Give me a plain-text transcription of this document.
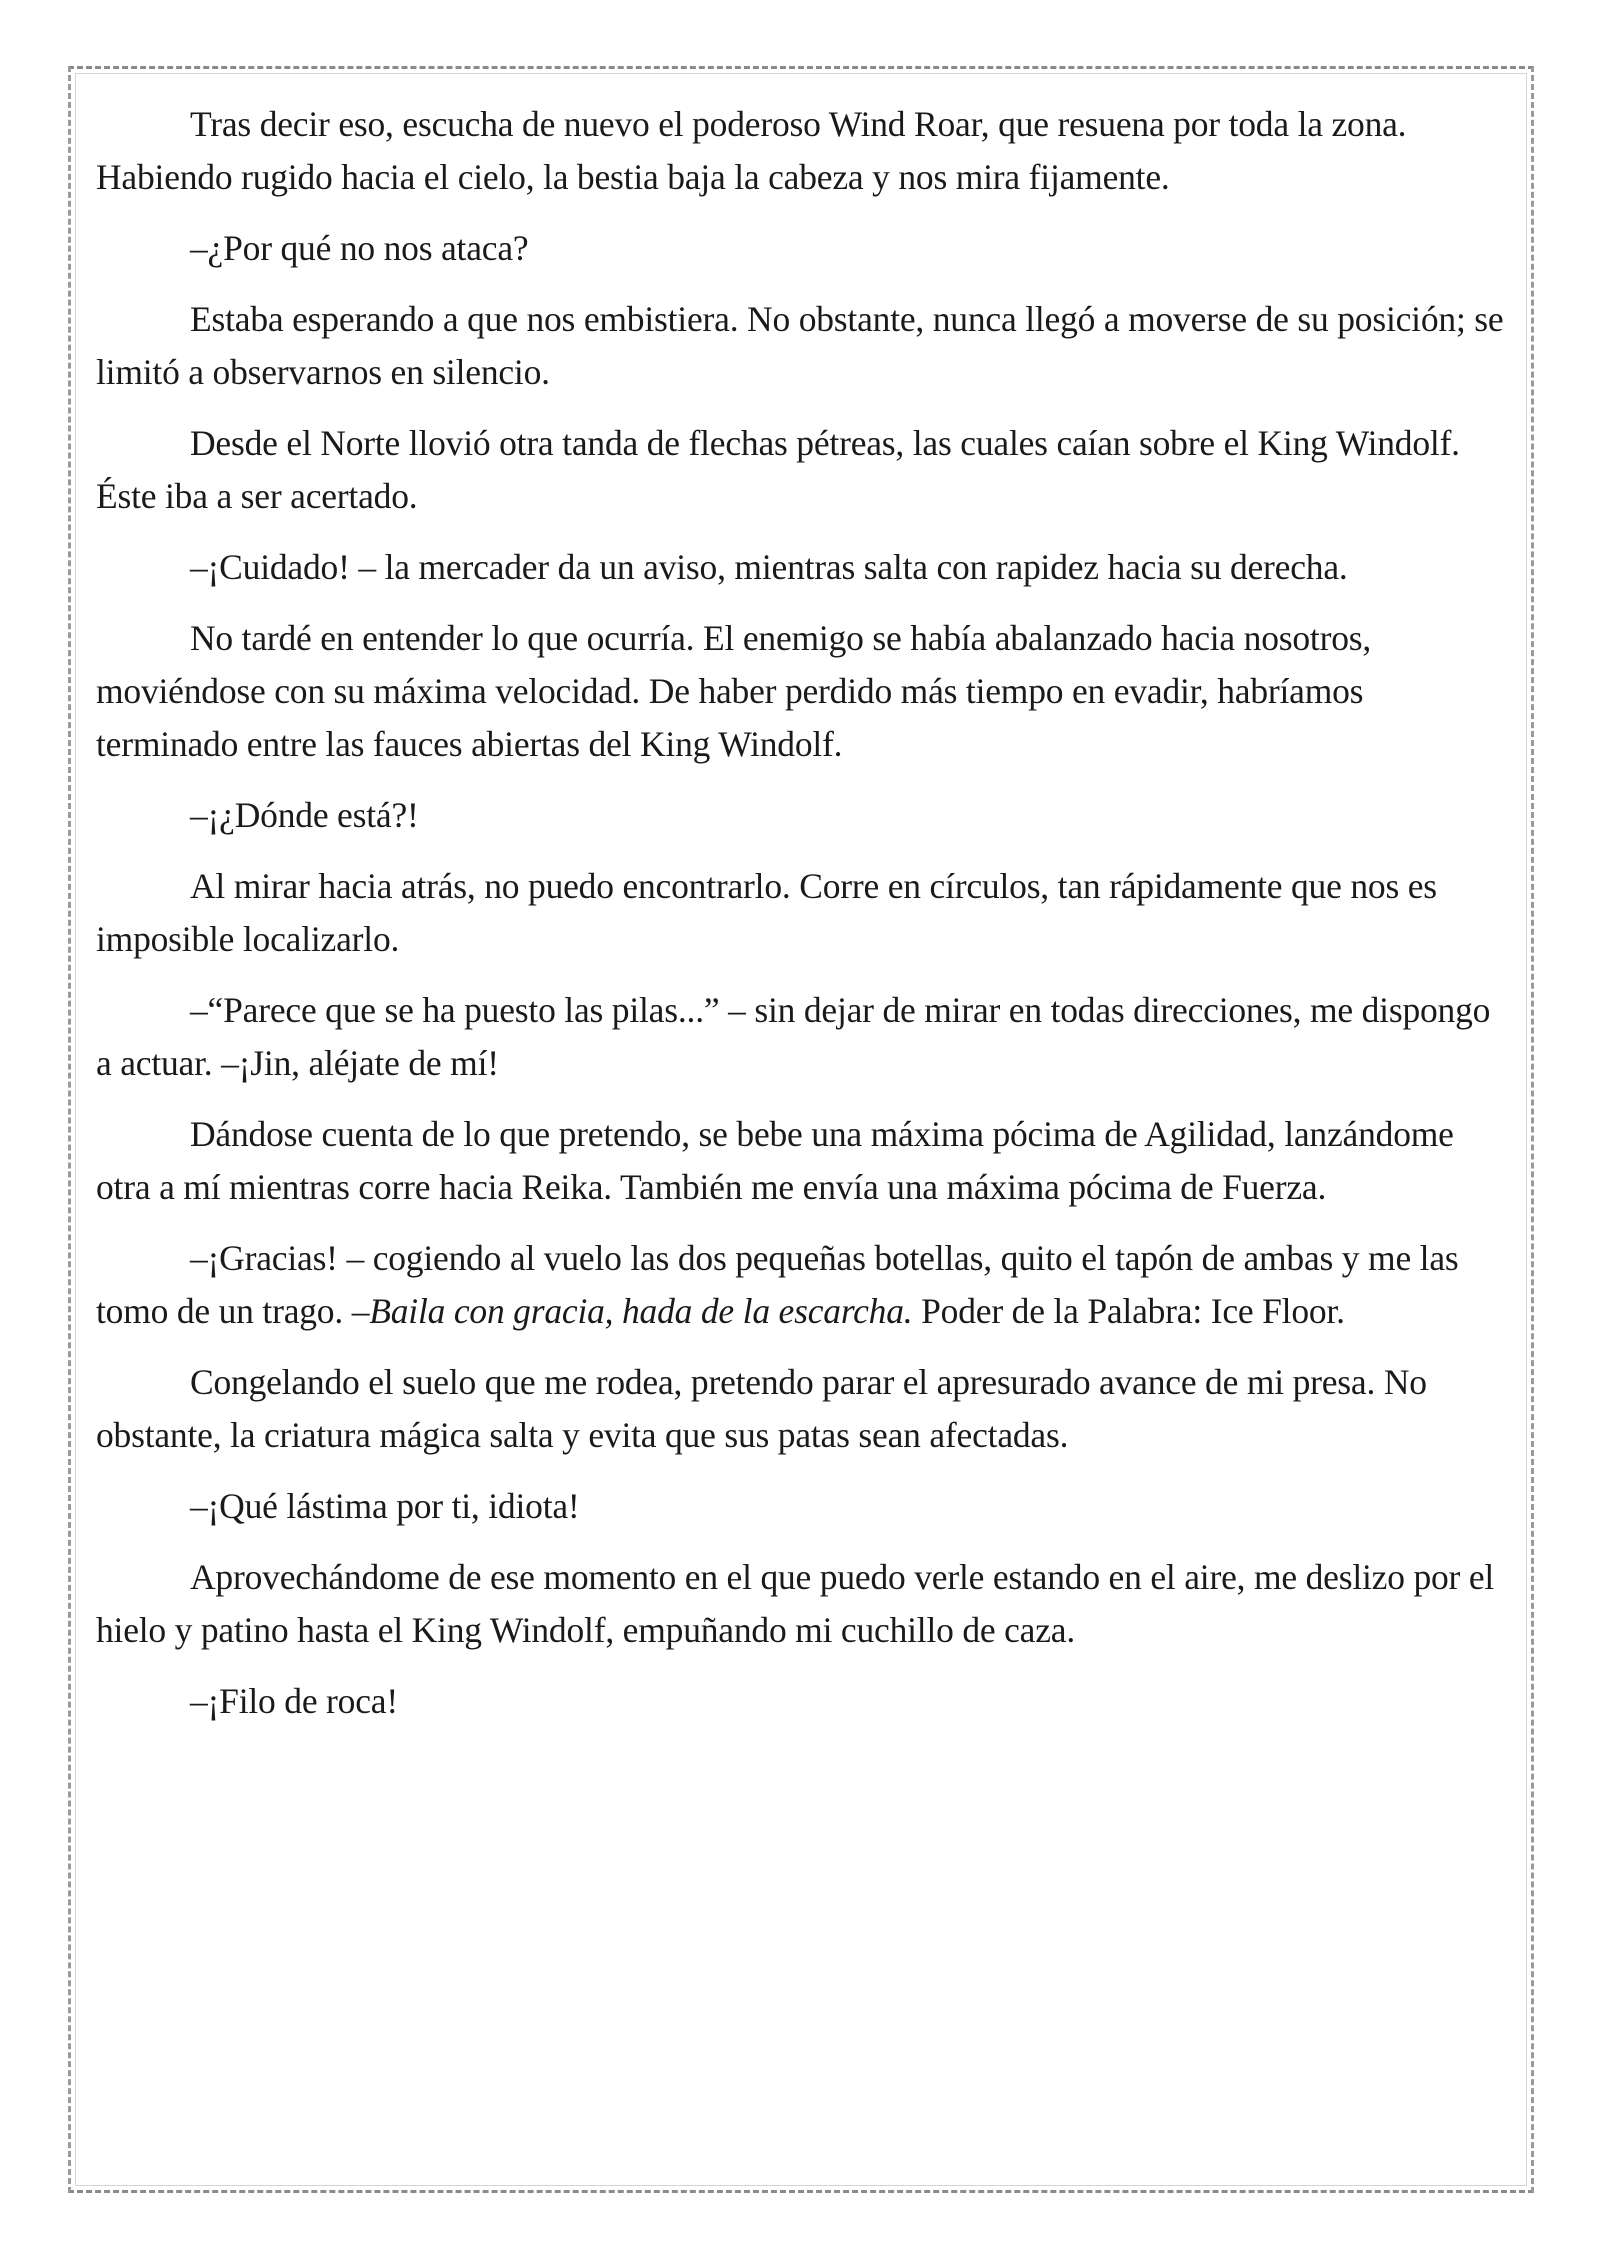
Tras decir eso, escucha de nuevo el poderoso Wind Roar, que resuena por toda la zona. Habiendo rugido hacia el cielo, la bestia baja la cabeza y nos mira fijamente.

–¿Por qué no nos ataca?

Estaba esperando a que nos embistiera. No obstante, nunca llegó a moverse de su posición; se limitó a observarnos en silencio.

Desde el Norte llovió otra tanda de flechas pétreas, las cuales caían sobre el King Windolf. Éste iba a ser acertado.

–¡Cuidado! – la mercader da un aviso, mientras salta con rapidez hacia su derecha.

No tardé en entender lo que ocurría. El enemigo se había abalanzado hacia nosotros, moviéndose con su máxima velocidad. De haber perdido más tiempo en evadir, habríamos terminado entre las fauces abiertas del King Windolf.

–¡¿Dónde está?!

Al mirar hacia atrás, no puedo encontrarlo. Corre en círculos, tan rápidamente que nos es imposible localizarlo.

–“Parece que se ha puesto las pilas...” – sin dejar de mirar en todas direcciones, me dispongo a actuar. –¡Jin, aléjate de mí!

Dándose cuenta de lo que pretendo, se bebe una máxima pócima de Agilidad, lanzándome otra a mí mientras corre hacia Reika. También me envía una máxima pócima de Fuerza.

–¡Gracias! – cogiendo al vuelo las dos pequeñas botellas, quito el tapón de ambas y me las tomo de un trago. –Baila con gracia, hada de la escarcha. Poder de la Palabra: Ice Floor.

Congelando el suelo que me rodea, pretendo parar el apresurado avance de mi presa. No obstante, la criatura mágica salta y evita que sus patas sean afectadas.

–¡Qué lástima por ti, idiota!

Aprovechándome de ese momento en el que puedo verle estando en el aire, me deslizo por el hielo y patino hasta el King Windolf, empuñando mi cuchillo de caza.

–¡Filo de roca!
